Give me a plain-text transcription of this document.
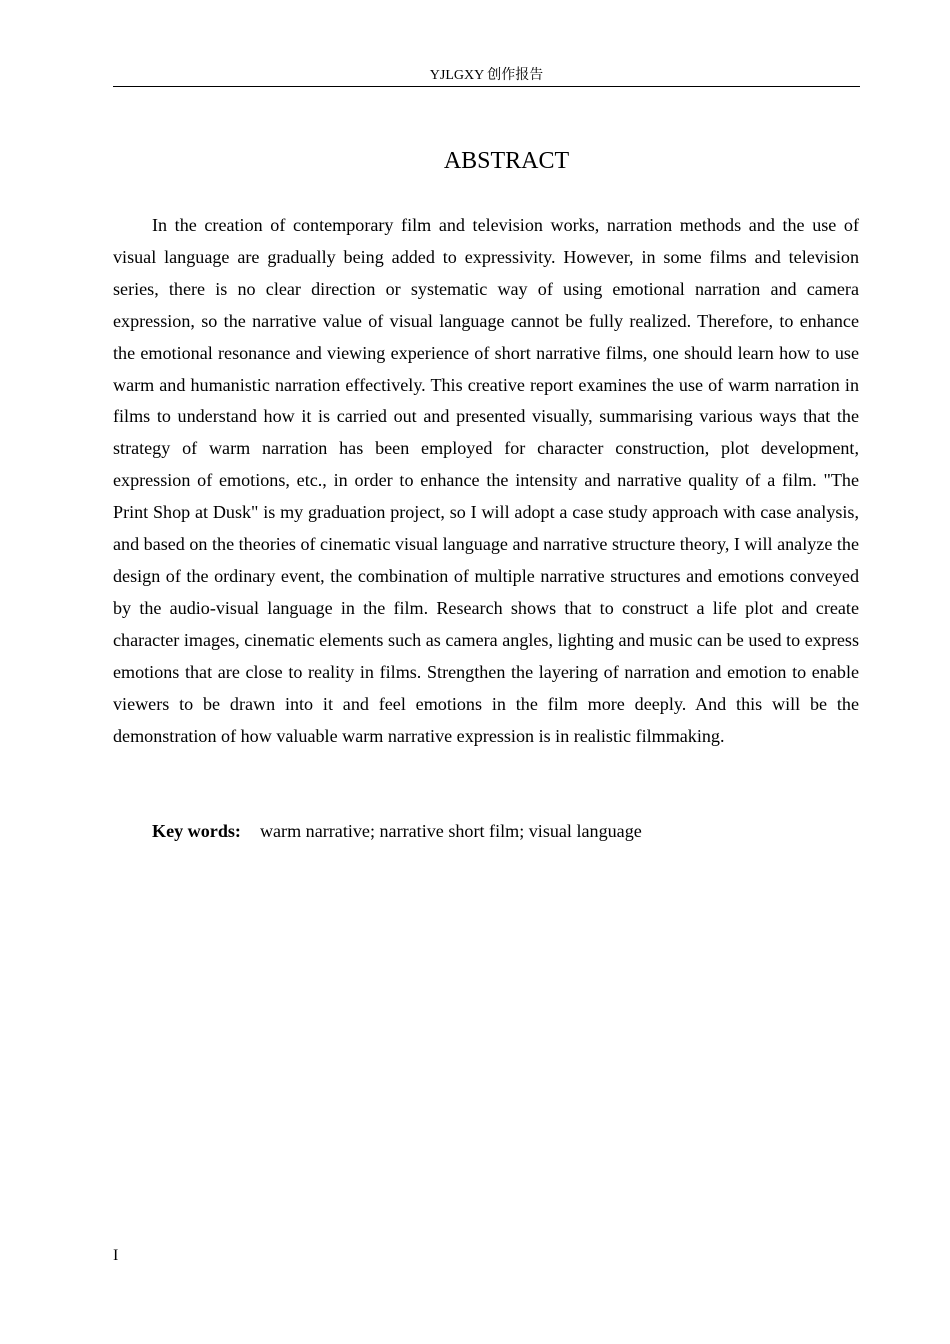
YJLGXY 创作报告
ABSTRACT

In the creation of contemporary film and television works, narration methods and the use of visual language are gradually being added to expressivity. However, in some films and television series, there is no clear direction or systematic way of using emotional narration and camera expression, so the narrative value of visual language cannot be fully realized. Therefore, to enhance the emotional resonance and viewing experience of short narrative films, one should learn how to use warm and humanistic narration effectively. This creative report examines the use of warm narration in films to understand how it is carried out and presented visually, summarising various ways that the strategy of warm narration has been employed for character construction, plot development, expression of emotions, etc., in order to enhance the intensity and narrative quality of a film. "The Print Shop at Dusk" is my graduation project, so I will adopt a case study approach with case analysis, and based on the theories of cinematic visual language and narrative structure theory, I will analyze the design of the ordinary event, the combination of multiple narrative structures and emotions conveyed by the audio-visual language in the film. Research shows that to construct a life plot and create character images, cinematic elements such as camera angles, lighting and music can be used to express emotions that are close to reality in films. Strengthen the layering of narration and emotion to enable viewers to be drawn into it and feel emotions in the film more deeply. And this will be the demonstration of how valuable warm narrative expression is in realistic filmmaking.

Key words: warm narrative; narrative short film; visual language

I
